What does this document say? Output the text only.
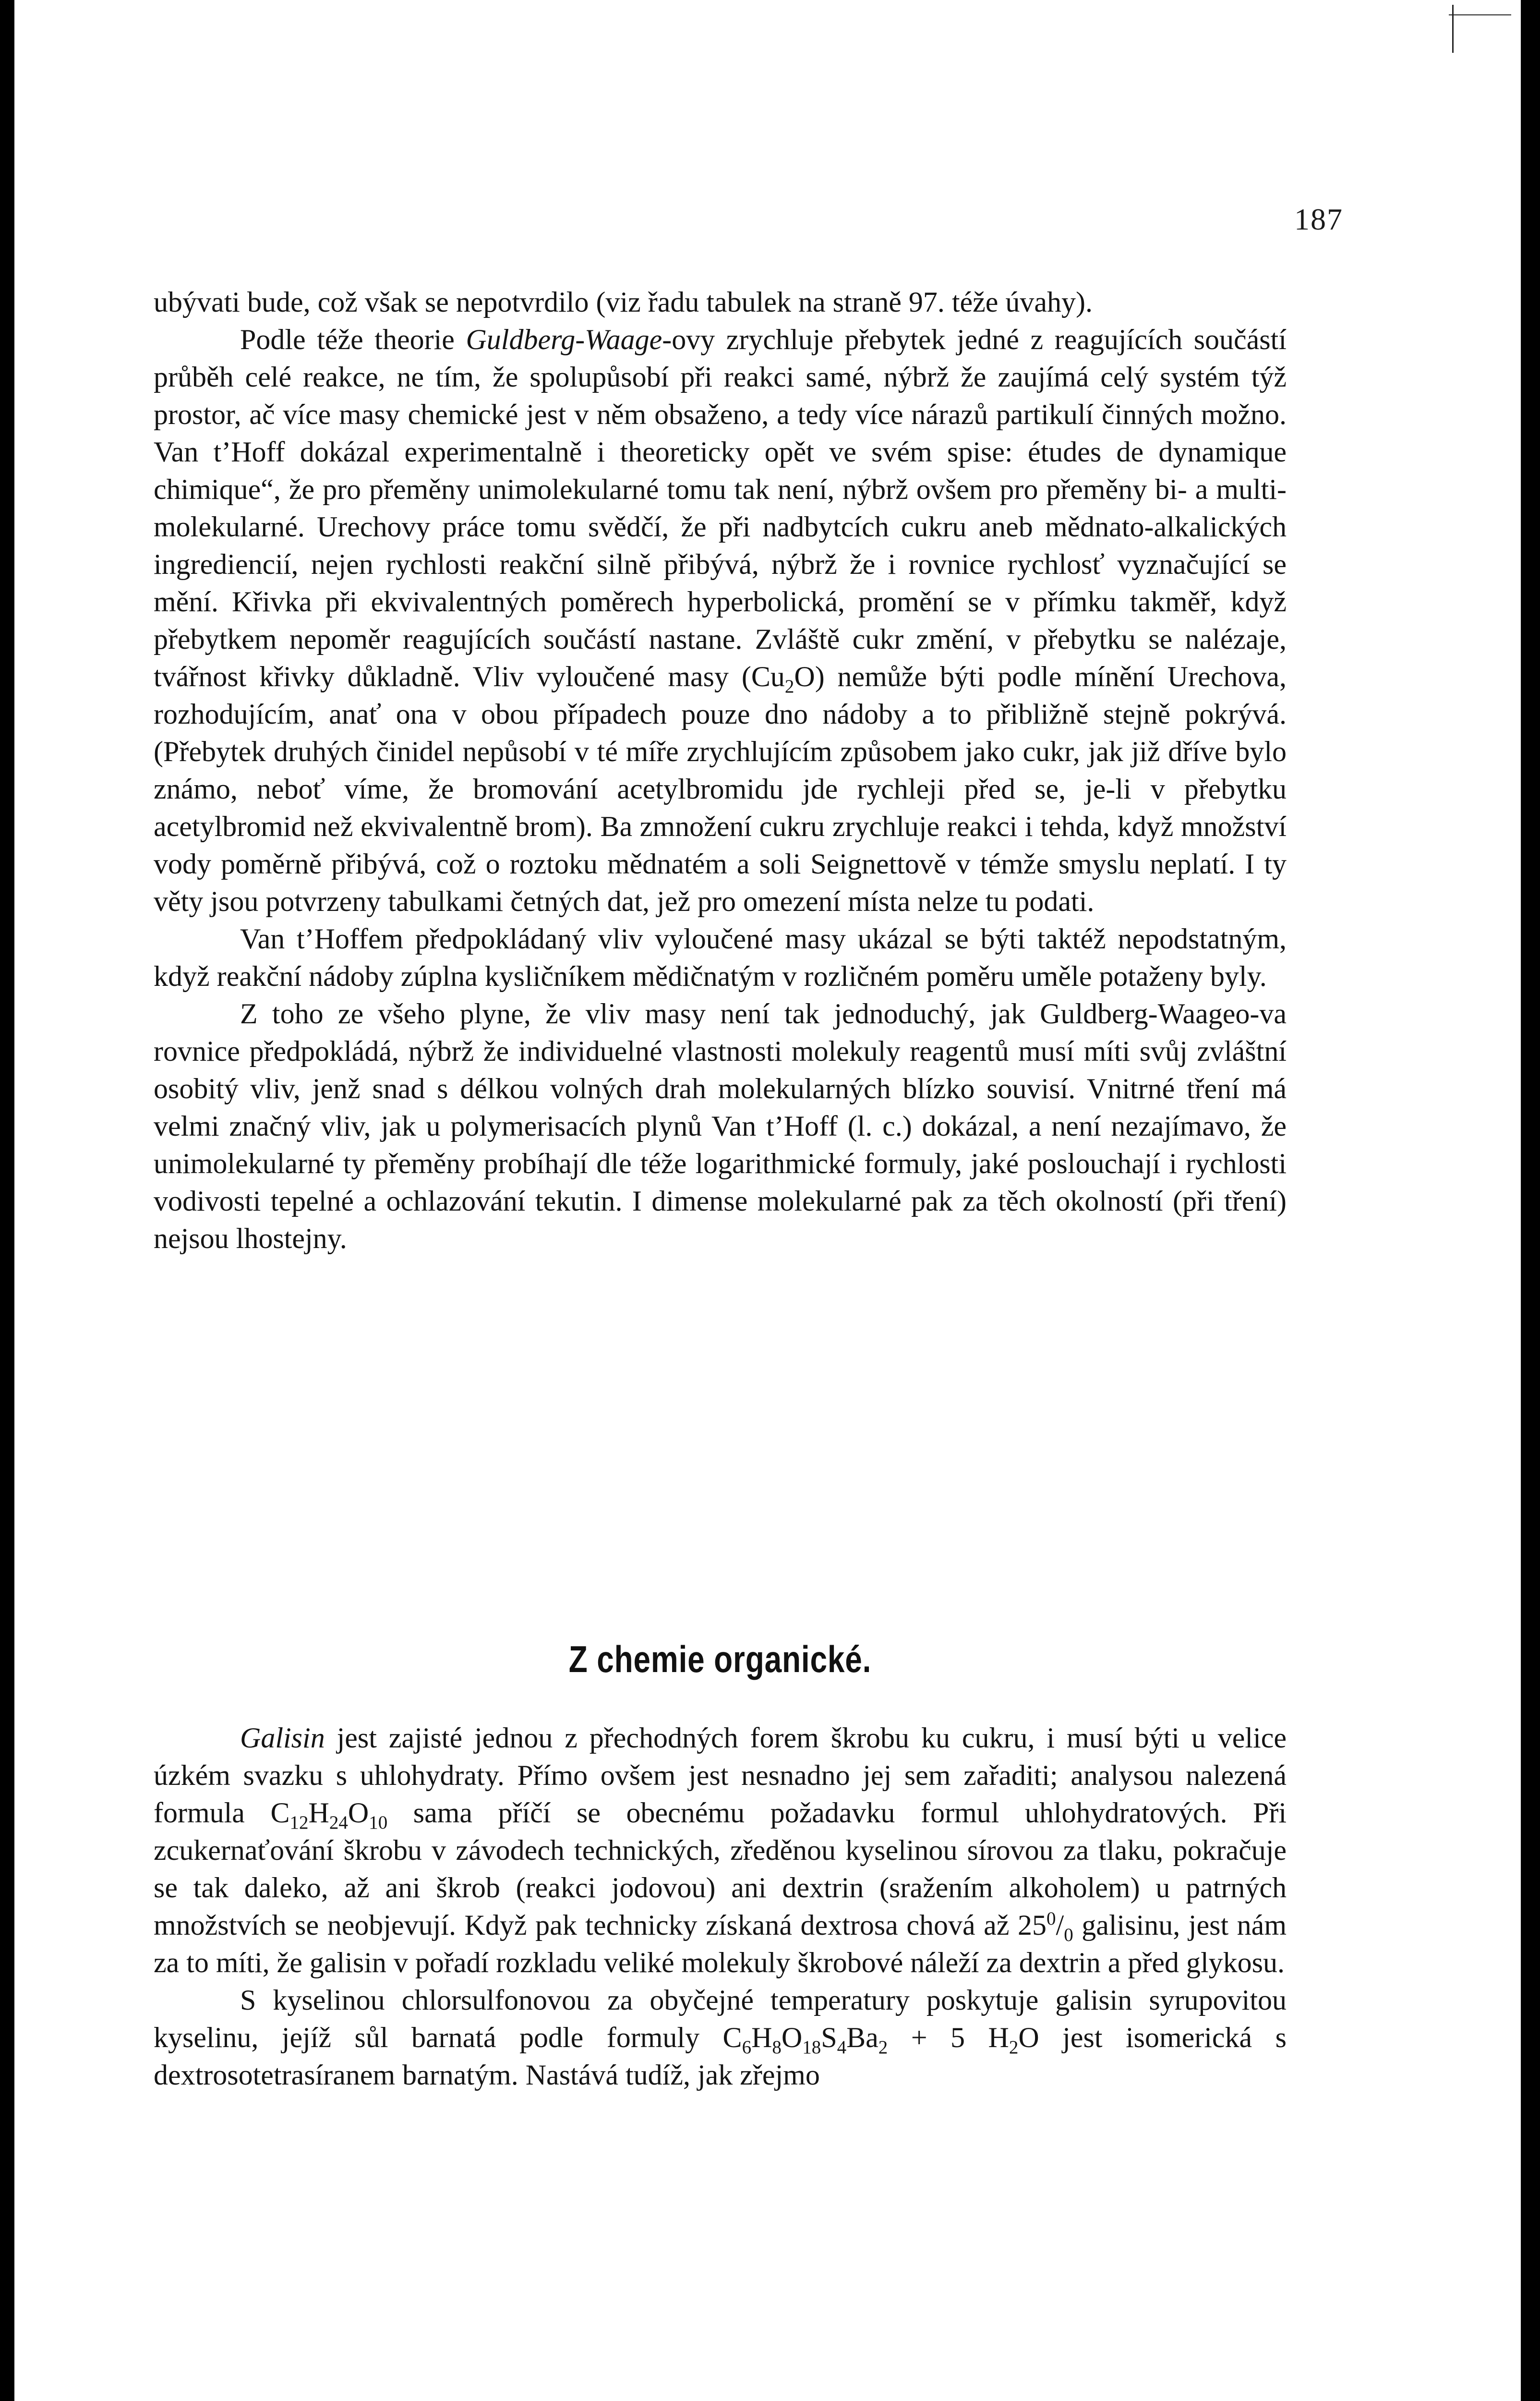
187

ubývati bude, což však se nepotvrdilo (viz řadu tabulek na straně 97. téže úvahy).

Podle téže theorie Guldberg-Waage-ovy zrychluje přebytek jedné z reagujících součástí průběh celé reakce, ne tím, že spolupůsobí při reakci samé, nýbrž že zaujímá celý systém týž prostor, ač více masy chemické jest v něm obsaženo, a tedy více nárazů partikulí činných možno. Van t’Hoff dokázal experimentalně i theoreticky opět ve svém spise: études de dynamique chimique“, že pro přeměny unimolekularné tomu tak není, nýbrž ovšem pro přeměny bi- a multi-molekularné. Urechovy práce tomu svědčí, že při nadbytcích cukru aneb mědnato-alkalických ingrediencií, nejen rychlosti reakční silně přibývá, nýbrž že i rovnice rychlosť vyznačující se mění. Křivka při ekvivalentných poměrech hyperbolická, promění se v přímku takměř, když přebytkem nepoměr reagujících součástí nastane. Zvláště cukr změní, v přebytku se nalézaje, tvářnost křivky důkladně. Vliv vyloučené masy $(Cu_2O)$ nemůže býti podle mínění Urechova, rozhodujícím, anať ona v obou případech pouze dno nádoby a to přibližně stejně pokrývá. (Přebytek druhých činidel nepůsobí v té míře zrychlujícím způsobem jako cukr, jak již dříve bylo známo, neboť víme, že bromování acetylbromidu jde rychleji před se, je-li v přebytku acetylbromid než ekvivalentně brom). Ba zmnožení cukru zrychluje reakci i tehda, když množství vody poměrně přibývá, což o roztoku mědnatém a soli Seignettově v témže smyslu neplatí. I ty věty jsou potvrzeny tabulkami četných dat, jež pro omezení místa nelze tu podati.

Van t’Hoffem předpokládaný vliv vyloučené masy ukázal se býti taktéž nepodstatným, když reakční nádoby zúplna kysličníkem mědičnatým v rozličném poměru uměle potaženy byly.

Z toho ze všeho plyne, že vliv masy není tak jednoduchý, jak Guldberg-Waageo-va rovnice předpokládá, nýbrž že individuelné vlastnosti molekuly reagentů musí míti svůj zvláštní osobitý vliv, jenž snad s délkou volných drah molekularných blízko souvisí. Vnitrné tření má velmi značný vliv, jak u polymerisacích plynů Van t’Hoff (l. c.) dokázal, a není nezajímavo, že unimolekularné ty přeměny probíhají dle téže logarithmické formuly, jaké poslouchají i rychlosti vodivosti tepelné a ochlazování tekutin. I dimense molekularné pak za těch okolností (při tření) nejsou lhostejny.

Z chemie organické.

Galisin jest zajisté jednou z přechodných forem škrobu ku cukru, i musí býti u velice úzkém svazku s uhlohydraty. Přímo ovšem jest nesnadno jej sem zařaditi; analysou nalezená formula $C_{12}H_{24}O_{10}$ sama příčí se obecnému požadavku formul uhlohydratových. Při zcukernaťování škrobu v závodech technických, zředěnou kyselinou sírovou za tlaku, pokračuje se tak daleko, až ani škrob (reakci jodovou) ani dextrin (sražením alkoholem) u patrných množstvích se neobjevují. Když pak technicky získaná dextrosa chová až $25^0/_0$ galisinu, jest nám za to míti, že galisin v pořadí rozkladu veliké molekuly škrobové náleží za dextrin a před glykosu.

S kyselinou chlorsulfonovou za obyčejné temperatury poskytuje galisin syrupovitou kyselinu, jejíž sůl barnatá podle formuly $C_6H_8O_{18}S_4Ba_2 + 5$ $H_2O$ jest isomerická s dextrosotetrasíranem barnatým. Nastává tudíž, jak zřejmo
